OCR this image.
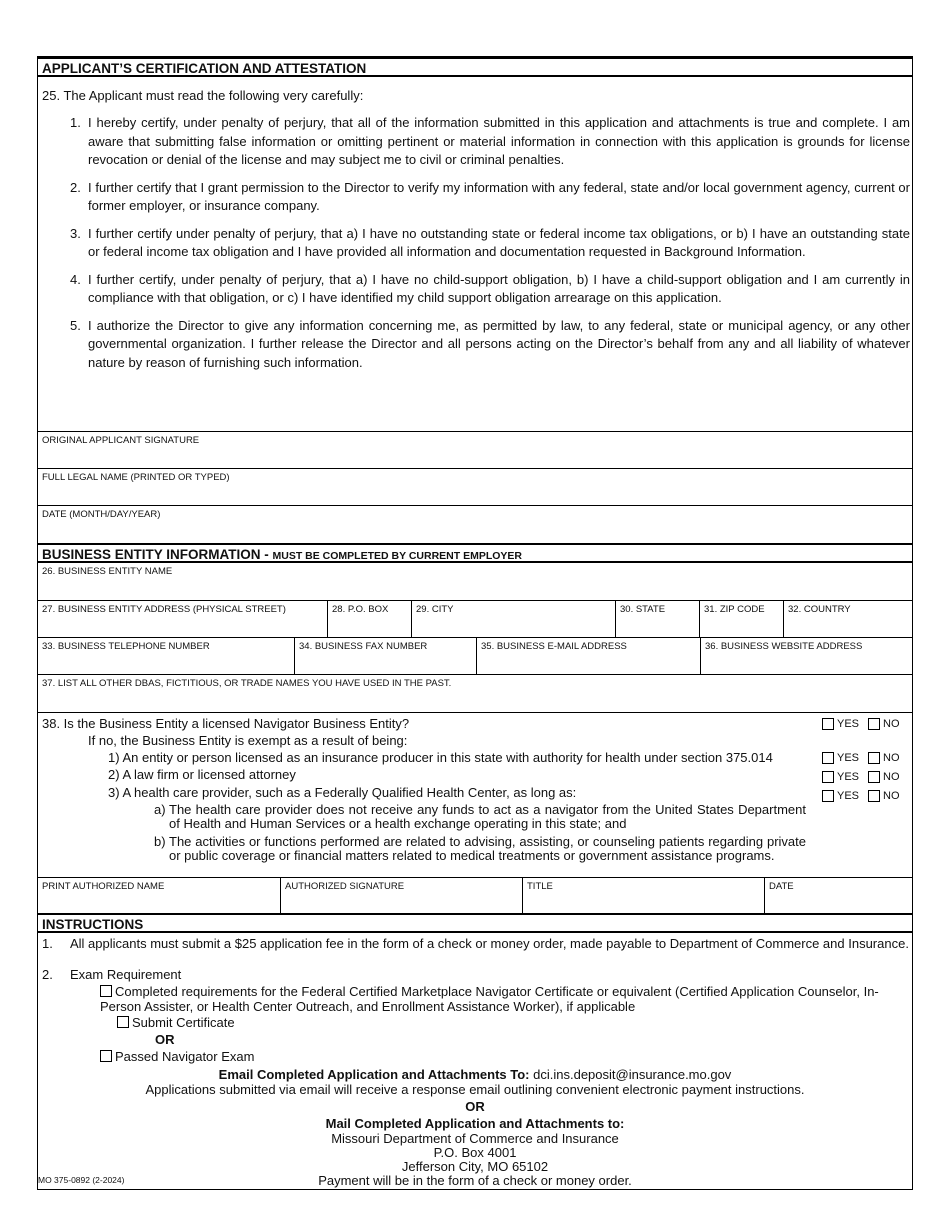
APPLICANT’S CERTIFICATION AND ATTESTATION
25. The Applicant must read the following very carefully:
1. I hereby certify, under penalty of perjury, that all of the information submitted in this application and attachments is true and complete. I am aware that submitting false information or omitting pertinent or material information in connection with this application is grounds for license revocation or denial of the license and may subject me to civil or criminal penalties.
2. I further certify that I grant permission to the Director to verify my information with any federal, state and/or local government agency, current or former employer, or insurance company.
3. I further certify under penalty of perjury, that a) I have no outstanding state or federal income tax obligations, or b) I have an outstanding state or federal income tax obligation and I have provided all information and documentation requested in Background Information.
4. I further certify, under penalty of perjury, that a) I have no child-support obligation, b) I have a child-support obligation and I am currently in compliance with that obligation, or c) I have identified my child support obligation arrearage on this application.
5. I authorize the Director to give any information concerning me, as permitted by law, to any federal, state or municipal agency, or any other governmental organization. I further release the Director and all persons acting on the Director’s behalf from any and all liability of whatever nature by reason of furnishing such information.
ORIGINAL APPLICANT SIGNATURE
FULL LEGAL NAME (PRINTED OR TYPED)
DATE (MONTH/DAY/YEAR)
BUSINESS ENTITY INFORMATION - MUST BE COMPLETED BY CURRENT EMPLOYER
26. BUSINESS ENTITY NAME
27. BUSINESS ENTITY ADDRESS (PHYSICAL STREET)	28. P.O. BOX	29. CITY	30. STATE	31. ZIP CODE	32. COUNTRY
33. BUSINESS TELEPHONE NUMBER	34. BUSINESS FAX NUMBER	35. BUSINESS E-MAIL ADDRESS	36. BUSINESS WEBSITE ADDRESS
37. LIST ALL OTHER DBAS, FICTITIOUS, OR TRADE NAMES YOU HAVE USED IN THE PAST.
38. Is the Business Entity a licensed Navigator Business Entity?
If no, the Business Entity is exempt as a result of being:
1) An entity or person licensed as an insurance producer in this state with authority for health under section 375.014
2) A law firm or licensed attorney
3) A health care provider, such as a Federally Qualified Health Center, as long as:
a) The health care provider does not receive any funds to act as a navigator from the United States Department of Health and Human Services or a health exchange operating in this state; and
b) The activities or functions performed are related to advising, assisting, or counseling patients regarding private or public coverage or financial matters related to medical treatments or government assistance programs.
YES NO
YES NO
YES NO
YES NO
PRINT AUTHORIZED NAME	AUTHORIZED SIGNATURE	TITLE	DATE
INSTRUCTIONS
1. All applicants must submit a $25 application fee in the form of a check or money order, made payable to Department of Commerce and Insurance.
2. Exam Requirement
Completed requirements for the Federal Certified Marketplace Navigator Certificate or equivalent (Certified Application Counselor, In-Person Assister, or Health Center Outreach, and Enrollment Assistance Worker), if applicable
Submit Certificate
OR
Passed Navigator Exam
Email Completed Application and Attachments To: dci.ins.deposit@insurance.mo.gov
Applications submitted via email will receive a response email outlining convenient electronic payment instructions.
OR
Mail Completed Application and Attachments to:
Missouri Department of Commerce and Insurance
P.O. Box 4001
Jefferson City, MO 65102
Payment will be in the form of a check or money order.
MO 375-0892 (2-2024)
